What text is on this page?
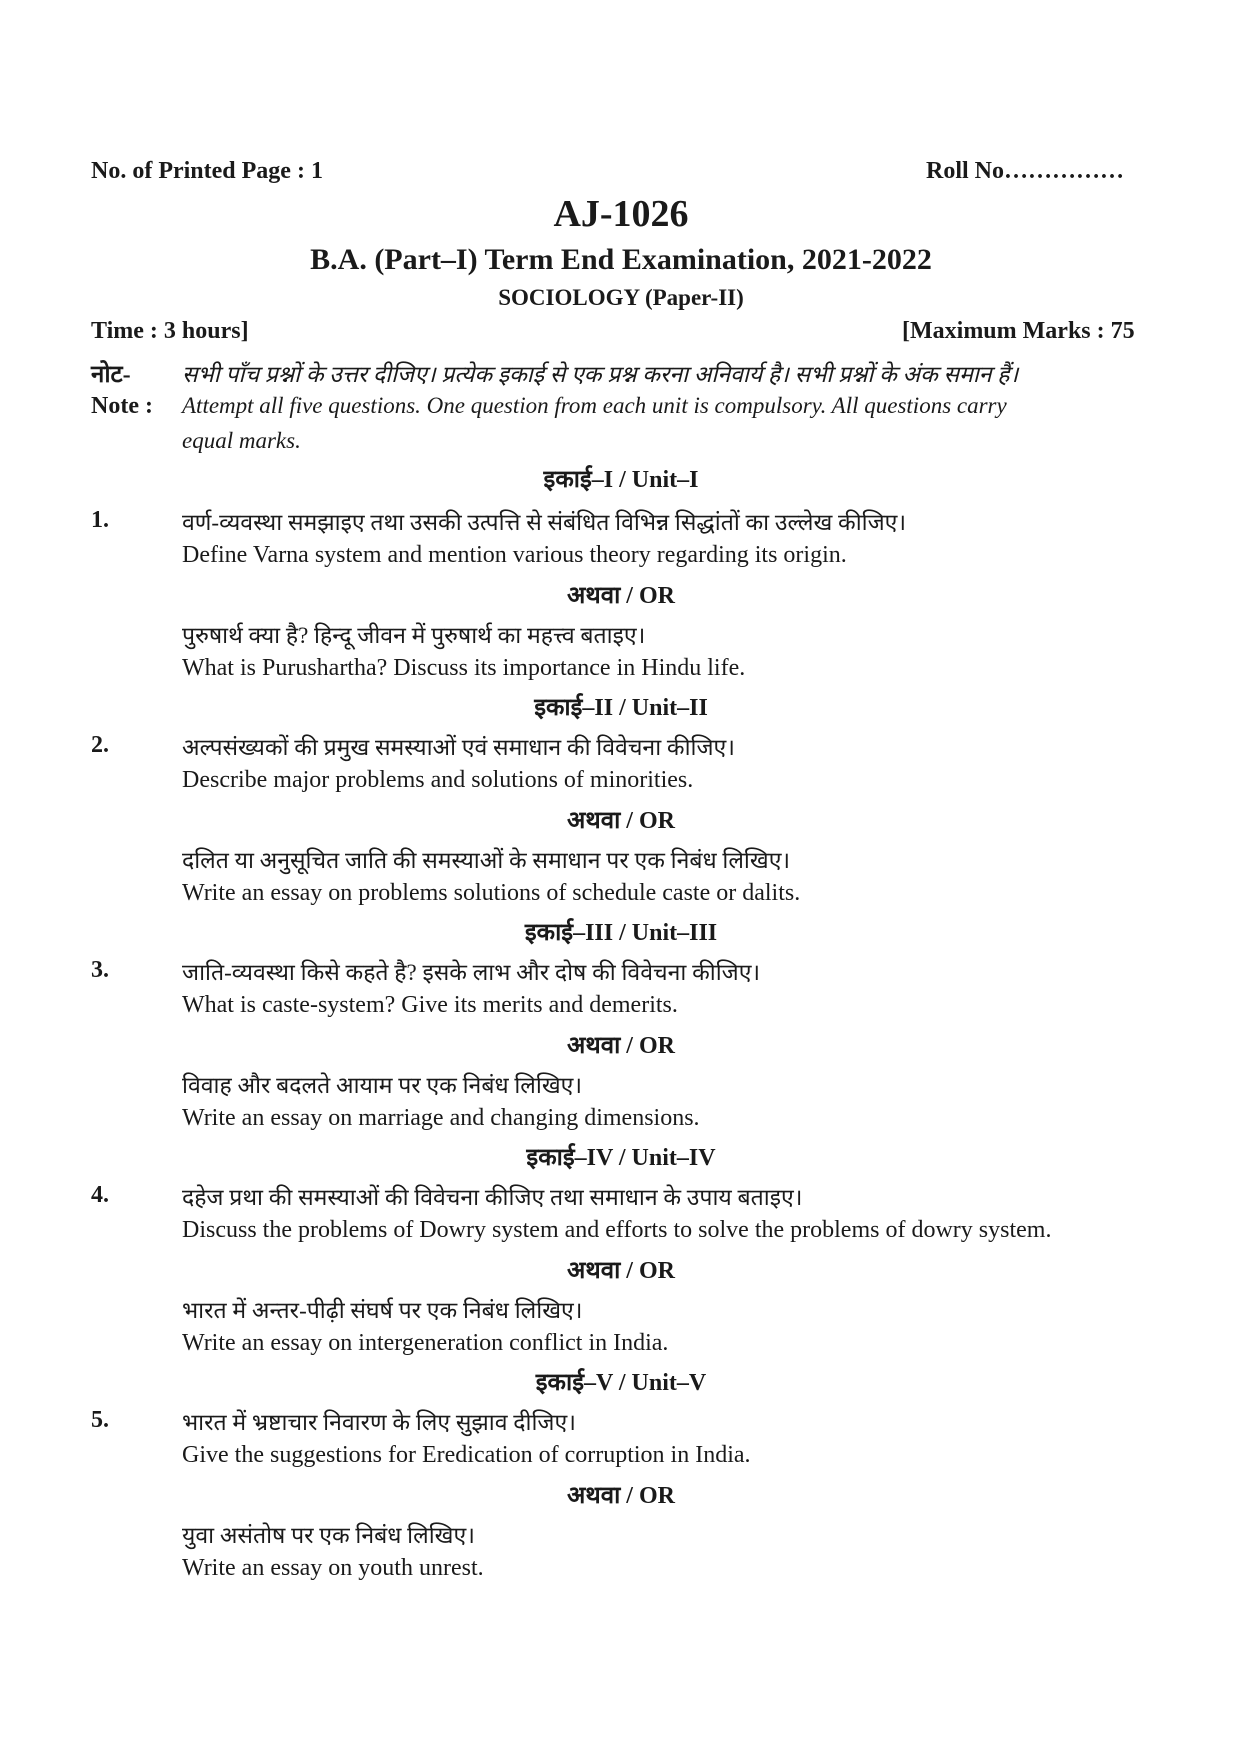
No. of Printed Page : 1	Roll No……………
AJ-1026
B.A. (Part–I) Term End Examination, 2021-2022
SOCIOLOGY (Paper-II)
Time : 3 hours]	[Maximum Marks : 75
नोट- सभी पाँच प्रश्नों के उत्तर दीजिए। प्रत्येक इकाई से एक प्रश्न करना अनिवार्य है। सभी प्रश्नों के अंक समान हैं।
Note : Attempt all five questions. One question from each unit is compulsory. All questions carry
equal marks.
इकाई–I / Unit–I
1.	वर्ण-व्यवस्था समझाइए तथा उसकी उत्पत्ति से संबंधित विभिन्न सिद्धांतों का उल्लेख कीजिए।
Define Varna system and mention various theory regarding its origin.
अथवा / OR
पुरुषार्थ क्या है? हिन्दू जीवन में पुरुषार्थ का महत्त्व बताइए।
What is Purushartha? Discuss its importance in Hindu life.
इकाई–II / Unit–II
2.	अल्पसंख्यकों की प्रमुख समस्याओं एवं समाधान की विवेचना कीजिए।
Describe major problems and solutions of minorities.
अथवा / OR
दलित या अनुसूचित जाति की समस्याओं के समाधान पर एक निबंध लिखिए।
Write an essay on problems solutions of schedule caste or dalits.
इकाई–III / Unit–III
3.	जाति-व्यवस्था किसे कहते है? इसके लाभ और दोष की विवेचना कीजिए।
What is caste-system? Give its merits and demerits.
अथवा / OR
विवाह और बदलते आयाम पर एक निबंध लिखिए।
Write an essay on marriage and changing dimensions.
इकाई–IV / Unit–IV
4.	दहेज प्रथा की समस्याओं की विवेचना कीजिए तथा समाधान के उपाय बताइए।
Discuss the problems of Dowry system and efforts to solve the problems of dowry system.
अथवा / OR
भारत में अन्तर-पीढ़ी संघर्ष पर एक निबंध लिखिए।
Write an essay on intergeneration conflict in India.
इकाई–V / Unit–V
5.	भारत में भ्रष्टाचार निवारण के लिए सुझाव दीजिए।
Give the suggestions for Eredication of corruption in India.
अथवा / OR
युवा असंतोष पर एक निबंध लिखिए।
Write an essay on youth unrest.
